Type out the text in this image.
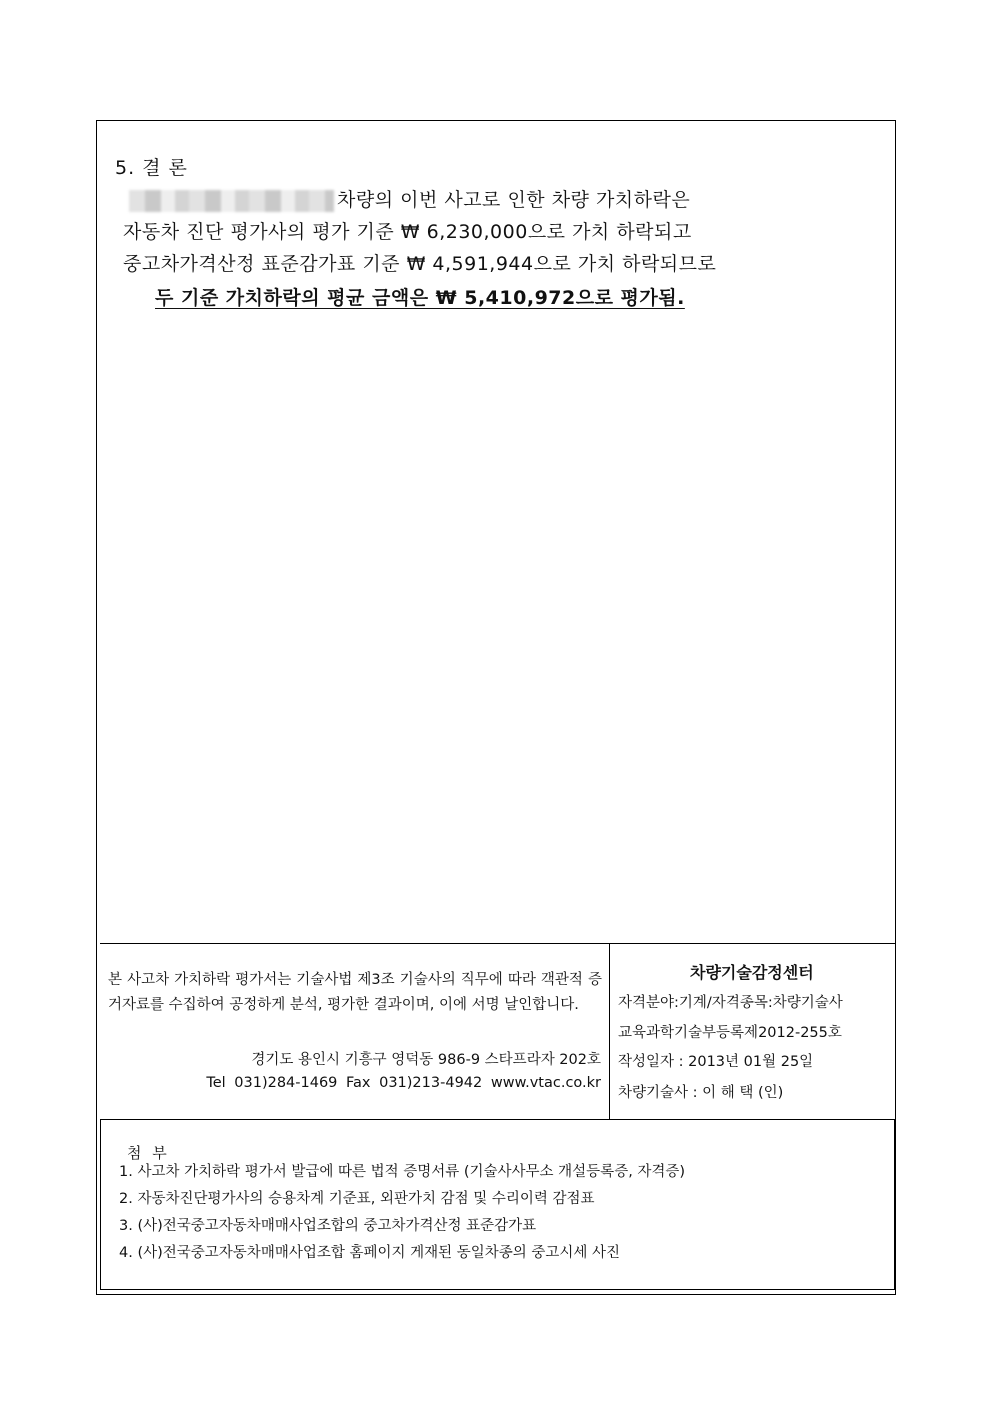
5. 결 론
차량의 이번 사고로 인한 차량 가치하락은
자동차 진단 평가사의 평가 기준 ₩ 6,230,000으로 가치 하락되고
중고차가격산정 표준감가표 기준 ₩ 4,591,944으로 가치 하락되므로
두 기준 가치하락의 평균 금액은 ₩ 5,410,972으로 평가됨.
본 사고차 가치하락 평가서는 기술사법 제3조 기술사의 직무에 따라 객관적 증거자료를 수집하여 공정하게 분석, 평가한 결과이며, 이에 서명 날인합니다.
경기도 용인시 기흥구 영덕동 986-9 스타프라자 202호
Tel 031)284-1469 Fax 031)213-4942 www.vtac.co.kr
차량기술감정센터
자격분야:기계/자격종목:차량기술사
교육과학기술부등록제2012-255호
작성일자 : 2013년 01월 25일
차량기술사 : 이 해 택 (인)
첨 부
1. 사고차 가치하락 평가서 발급에 따른 법적 증명서류 (기술사사무소 개설등록증, 자격증)
2. 자동차진단평가사의 승용차계 기준표, 외판가치 감점 및 수리이력 감점표
3. (사)전국중고자동차매매사업조합의 중고차가격산정 표준감가표
4. (사)전국중고자동차매매사업조합 홈페이지 게재된 동일차종의 중고시세 사진
